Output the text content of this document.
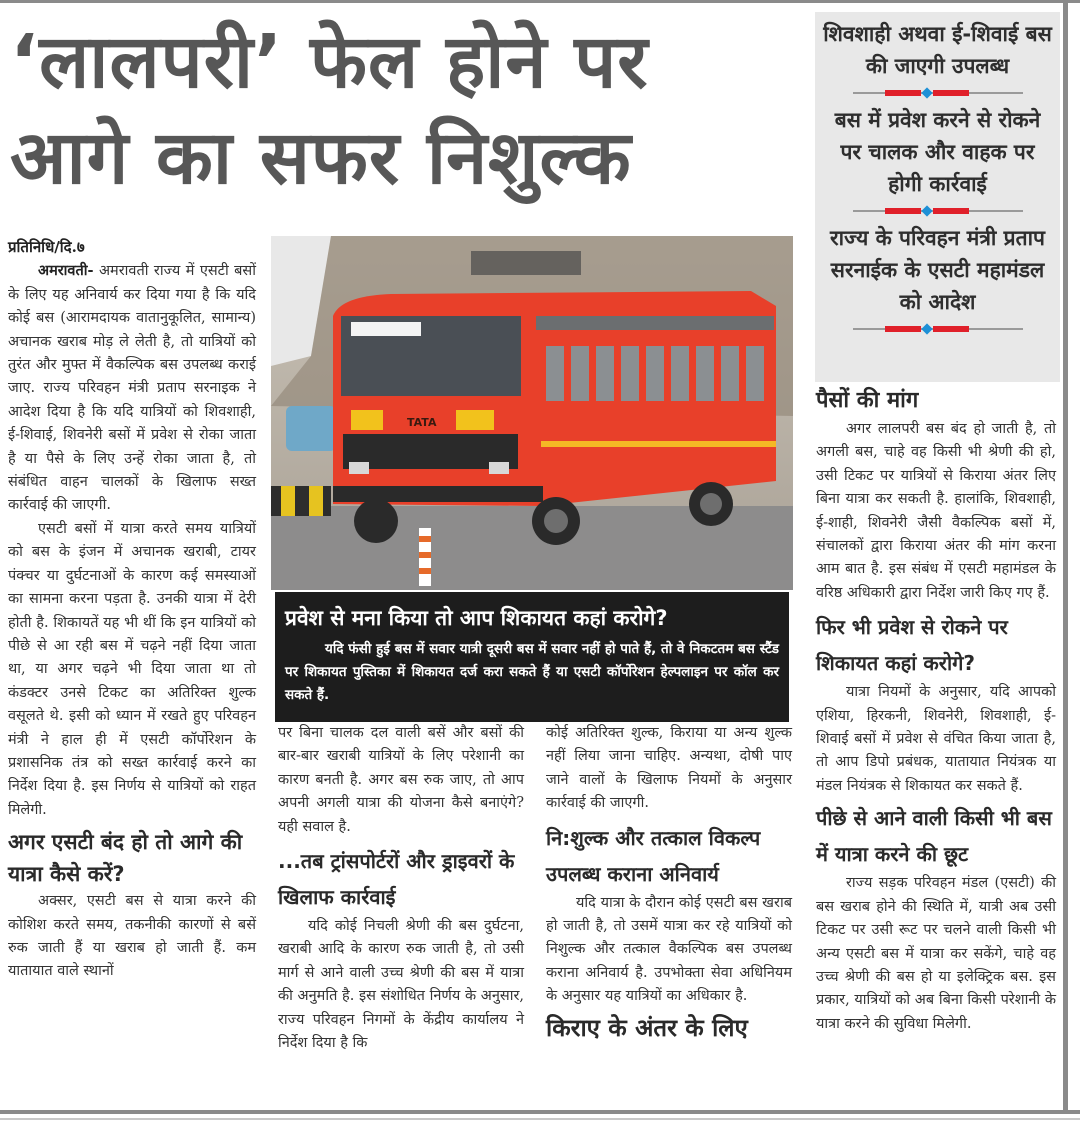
‘लालपरी’ फेल होने पर
आगे का सफर निशुल्क
शिवशाही अथवा ई-शिवाई बस की जाएगी उपलब्ध
बस में प्रवेश करने से रोकने पर चालक और वाहक पर होगी कार्रवाई
राज्य के परिवहन मंत्री प्रताप सरनाईक के एसटी महामंडल को आदेश

प्रतिनिधि/दि.७

अमरावती- अमरावती राज्य में एसटी बसों के लिए यह अनिवार्य कर दिया गया है कि यदि कोई बस (आरामदायक वातानुकूलित, सामान्य) अचानक खराब मोड़ ले लेती है, तो यात्रियों को तुरंत और मुफ्त में वैकल्पिक बस उपलब्ध कराई जाए. राज्य परिवहन मंत्री प्रताप सरनाइक ने आदेश दिया है कि यदि यात्रियों को शिवशाही, ई-शिवाई, शिवनेरी बसों में प्रवेश से रोका जाता है या पैसे के लिए उन्हें रोका जाता है, तो संबंधित वाहन चालकों के खिलाफ सख्त कार्रवाई की जाएगी.

एसटी बसों में यात्रा करते समय यात्रियों को बस के इंजन में अचानक खराबी, टायर पंक्चर या दुर्घटनाओं के कारण कई समस्याओं का सामना करना पड़ता है. उनकी यात्रा में देरी होती है. शिकायतें यह भी थीं कि इन यात्रियों को पीछे से आ रही बस में चढ़ने नहीं दिया जाता था, या अगर चढ़ने भी दिया जाता था तो कंडक्टर उनसे टिकट का अतिरिक्त शुल्क वसूलते थे. इसी को ध्यान में रखते हुए परिवहन मंत्री ने हाल ही में एसटी कॉर्पोरेशन के प्रशासनिक तंत्र को सख्त कार्रवाई करने का निर्देश दिया है. इस निर्णय से यात्रियों को राहत मिलेगी.

अगर एसटी बंद हो तो आगे की यात्रा कैसे करें?

अक्सर, एसटी बस से यात्रा करने की कोशिश करते समय, तकनीकी कारणों से बसें रुक जाती हैं या खराब हो जाती हैं. कम यातायात वाले स्थानों

TATA
प्रवेश से मना किया तो आप शिकायत कहां करोगे?
यदि फंसी हुई बस में सवार यात्री दूसरी बस में सवार नहीं हो पाते हैं, तो वे निकटतम बस स्टैंड पर शिकायत पुस्तिका में शिकायत दर्ज करा सकते हैं या एसटी कॉर्पोरेशन हेल्पलाइन पर कॉल कर सकते हैं.

पर बिना चालक दल वाली बसें और बसों की बार-बार खराबी यात्रियों के लिए परेशानी का कारण बनती है. अगर बस रुक जाए, तो आप अपनी अगली यात्रा की योजना कैसे बनाएंगे? यही सवाल है.

...तब ट्रांसपोर्टरों और ड्राइवरों के खिलाफ कार्रवाई

यदि कोई निचली श्रेणी की बस दुर्घटना, खराबी आदि के कारण रुक जाती है, तो उसी मार्ग से आने वाली उच्च श्रेणी की बस में यात्रा की अनुमति है. इस संशोधित निर्णय के अनुसार, राज्य परिवहन निगमों के केंद्रीय कार्यालय ने निर्देश दिया है कि

कोई अतिरिक्त शुल्क, किराया या अन्य शुल्क नहीं लिया जाना चाहिए. अन्यथा, दोषी पाए जाने वालों के खिलाफ नियमों के अनुसार कार्रवाई की जाएगी.

नि:शुल्क और तत्काल विकल्प उपलब्ध कराना अनिवार्य

यदि यात्रा के दौरान कोई एसटी बस खराब हो जाती है, तो उसमें यात्रा कर रहे यात्रियों को निशुल्क और तत्काल वैकल्पिक बस उपलब्ध कराना अनिवार्य है. उपभोक्ता सेवा अधिनियम के अनुसार यह यात्रियों का अधिकार है.

किराए के अंतर के लिए

पैसों की मांग

अगर लालपरी बस बंद हो जाती है, तो अगली बस, चाहे वह किसी भी श्रेणी की हो, उसी टिकट पर यात्रियों से किराया अंतर लिए बिना यात्रा कर सकती है. हालांकि, शिवशाही, ई-शाही, शिवनेरी जैसी वैकल्पिक बसों में, संचालकों द्वारा किराया अंतर की मांग करना आम बात है. इस संबंध में एसटी महामंडल के वरिष्ठ अधिकारी द्वारा निर्देश जारी किए गए हैं.

फिर भी प्रवेश से रोकने पर शिकायत कहां करोगे?

यात्रा नियमों के अनुसार, यदि आपको एशिया, हिरकनी, शिवनेरी, शिवशाही, ई-शिवाई बसों में प्रवेश से वंचित किया जाता है, तो आप डिपो प्रबंधक, यातायात नियंत्रक या मंडल नियंत्रक से शिकायत कर सकते हैं.

पीछे से आने वाली किसी भी बस में यात्रा करने की छूट

राज्य सड़क परिवहन मंडल (एसटी) की बस खराब होने की स्थिति में, यात्री अब उसी टिकट पर उसी रूट पर चलने वाली किसी भी अन्य एसटी बस में यात्रा कर सकेंगे, चाहे वह उच्च श्रेणी की बस हो या इलेक्ट्रिक बस. इस प्रकार, यात्रियों को अब बिना किसी परेशानी के यात्रा करने की सुविधा मिलेगी.
